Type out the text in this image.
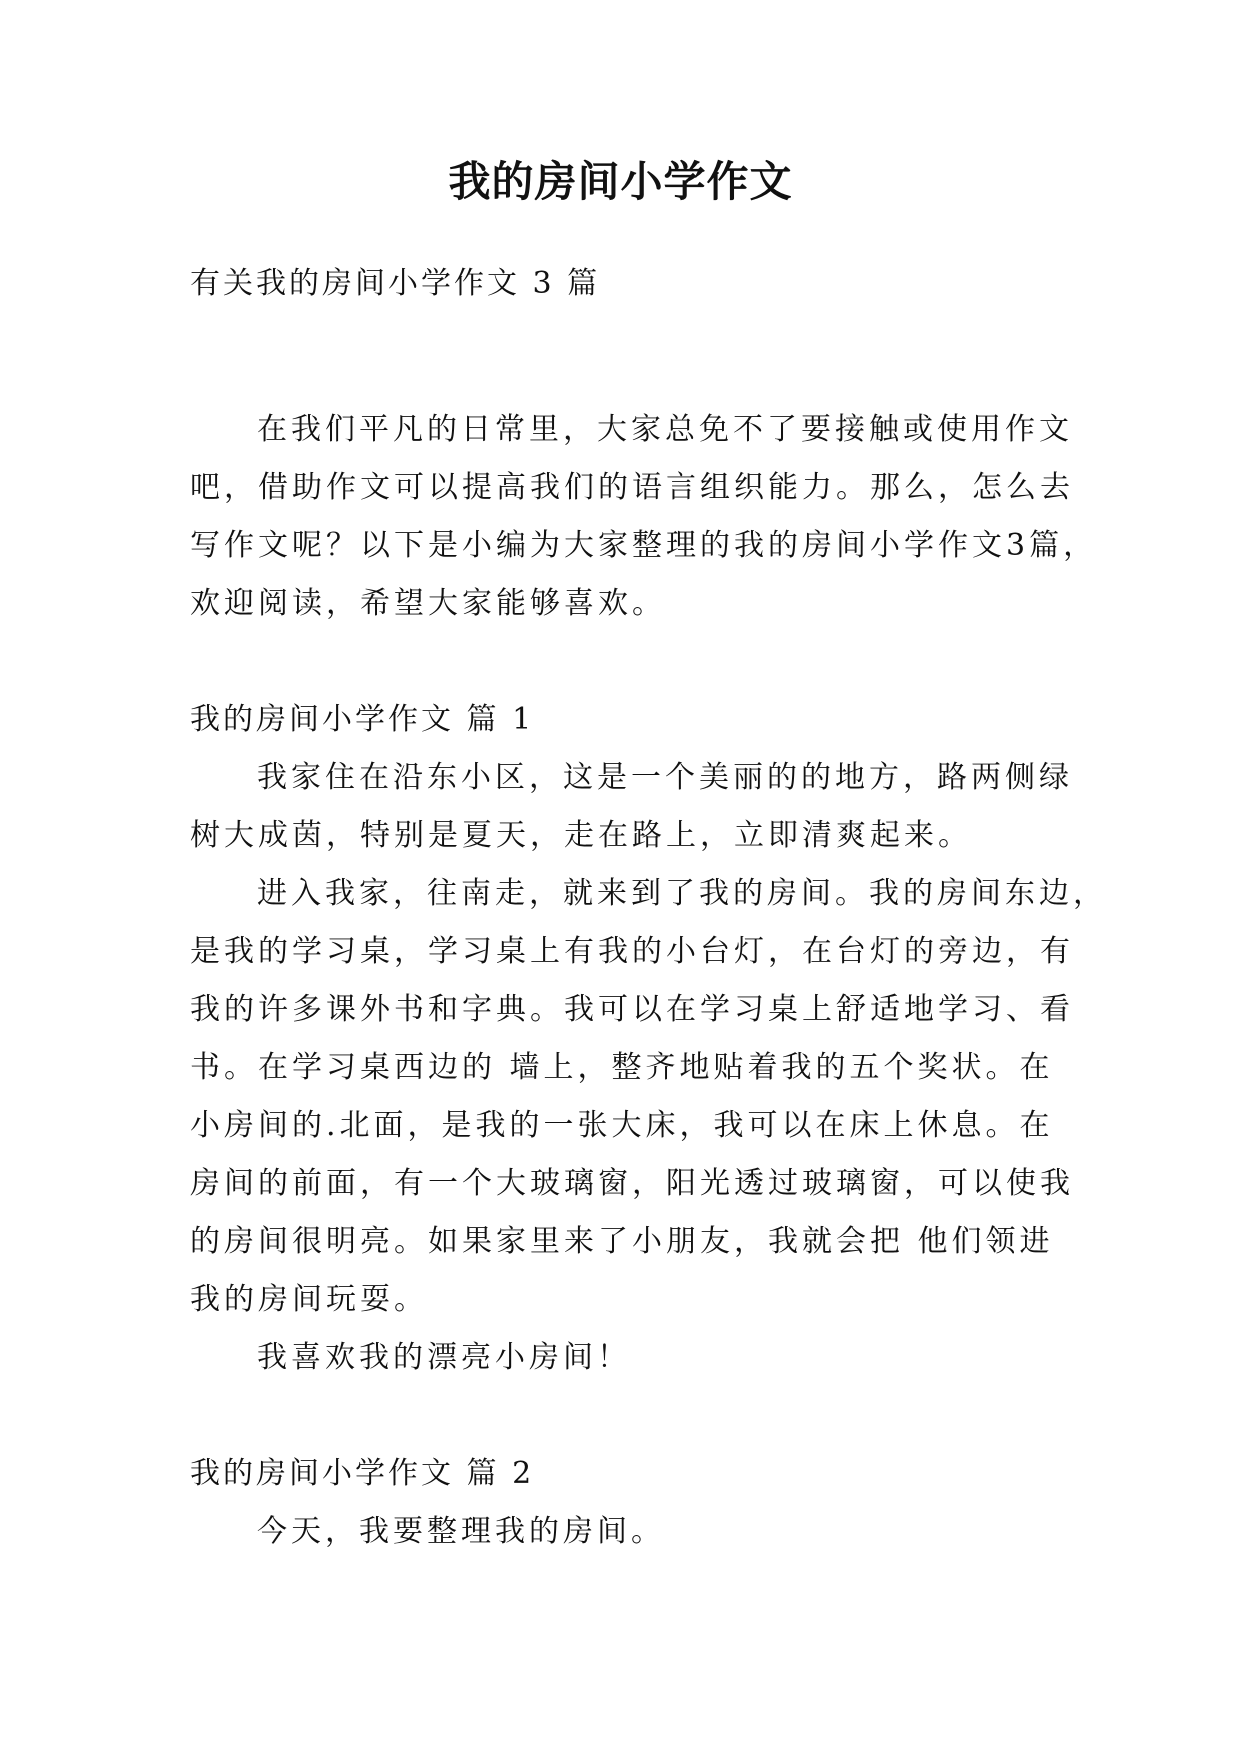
我的房间小学作文

有关我的房间小学作文 3 篇

在我们平凡的日常里，大家总免不了要接触或使用作文

吧，借助作文可以提高我们的语言组织能力。那么，怎么去

写作文呢？以下是小编为大家整理的我的房间小学作文3篇，

欢迎阅读，希望大家能够喜欢。

我的房间小学作文 篇 1

我家住在沿东小区，这是一个美丽的的地方，路两侧绿

树大成茵，特别是夏天，走在路上，立即清爽起来。

进入我家，往南走，就来到了我的房间。我的房间东边，

是我的学习桌，学习桌上有我的小台灯，在台灯的旁边，有

我的许多课外书和字典。我可以在学习桌上舒适地学习、看

书。在学习桌西边的 墙上，整齐地贴着我的五个奖状。在

小房间的.北面，是我的一张大床，我可以在床上休息。在

房间的前面，有一个大玻璃窗，阳光透过玻璃窗，可以使我

的房间很明亮。如果家里来了小朋友，我就会把 他们领进

我的房间玩耍。

我喜欢我的漂亮小房间！

我的房间小学作文 篇 2

今天，我要整理我的房间。
